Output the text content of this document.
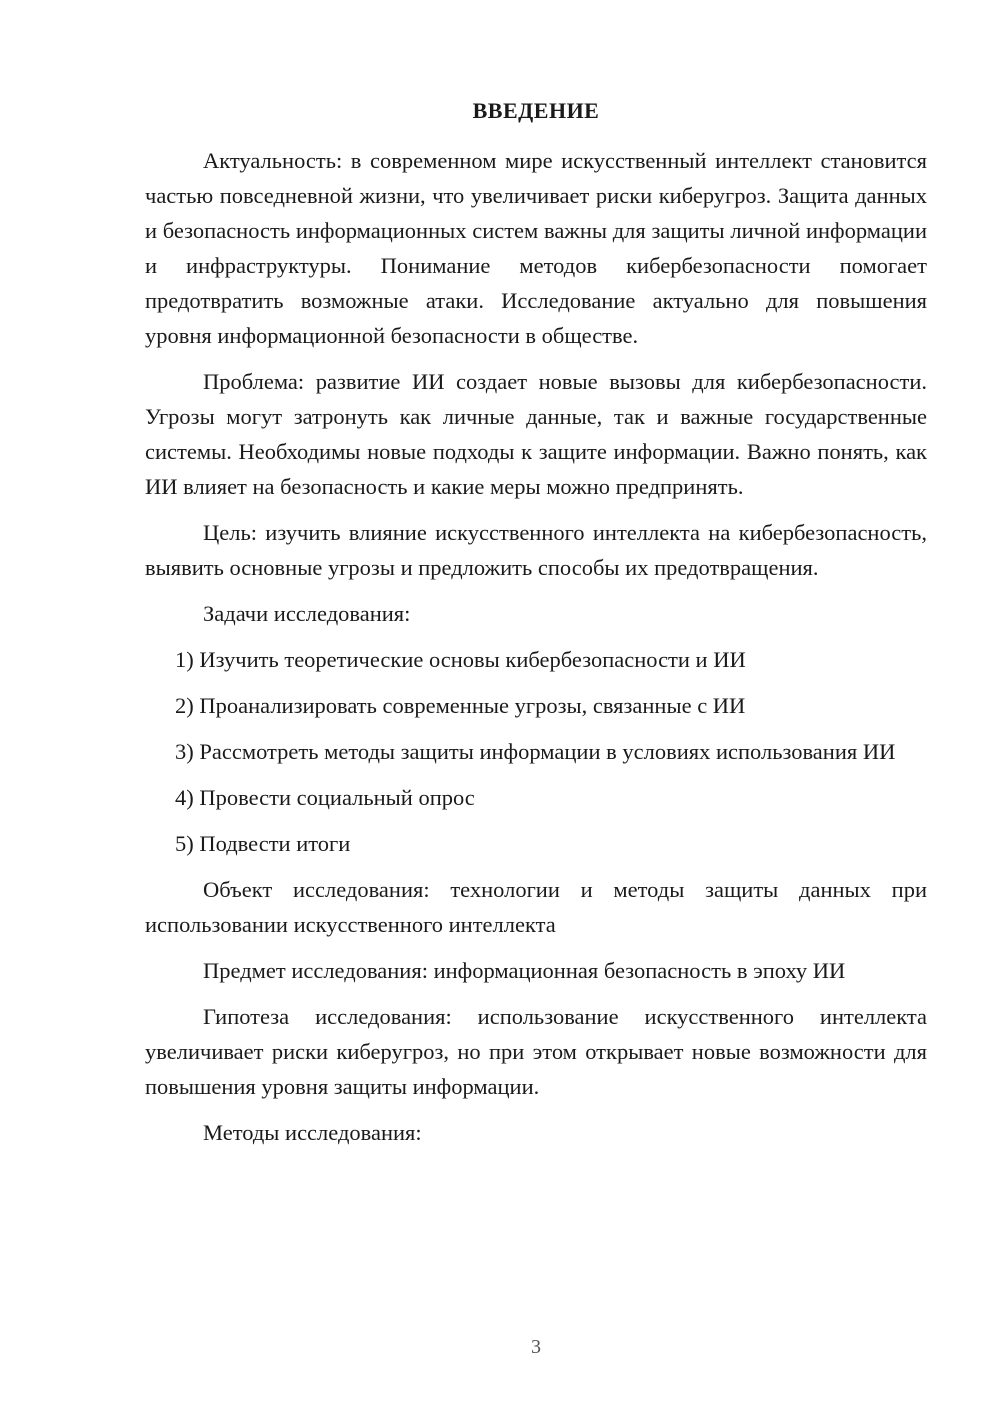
ВВЕДЕНИЕ

Актуальность: в современном мире искусственный интеллект становится частью повседневной жизни, что увеличивает риски киберугроз. Защита данных и безопасность информационных систем важны для защиты личной информации и инфраструктуры. Понимание методов кибербезопасности помогает предотвратить возможные атаки. Исследование актуально для повышения уровня информационной безопасности в обществе.

Проблема: развитие ИИ создает новые вызовы для кибербезопасности. Угрозы могут затронуть как личные данные, так и важные государственные системы. Необходимы новые подходы к защите информации. Важно понять, как ИИ влияет на безопасность и какие меры можно предпринять.

Цель: изучить влияние искусственного интеллекта на кибербезопасность, выявить основные угрозы и предложить способы их предотвращения.

Задачи исследования:

1) Изучить теоретические основы кибербезопасности и ИИ

2) Проанализировать современные угрозы, связанные с ИИ

3) Рассмотреть методы защиты информации в условиях использования ИИ

4) Провести социальный опрос

5) Подвести итоги

Объект исследования: технологии и методы защиты данных при использовании искусственного интеллекта

Предмет исследования: информационная безопасность в эпоху ИИ

Гипотеза исследования: использование искусственного интеллекта увеличивает риски киберугроз, но при этом открывает новые возможности для повышения уровня защиты информации.

Методы исследования:

3
